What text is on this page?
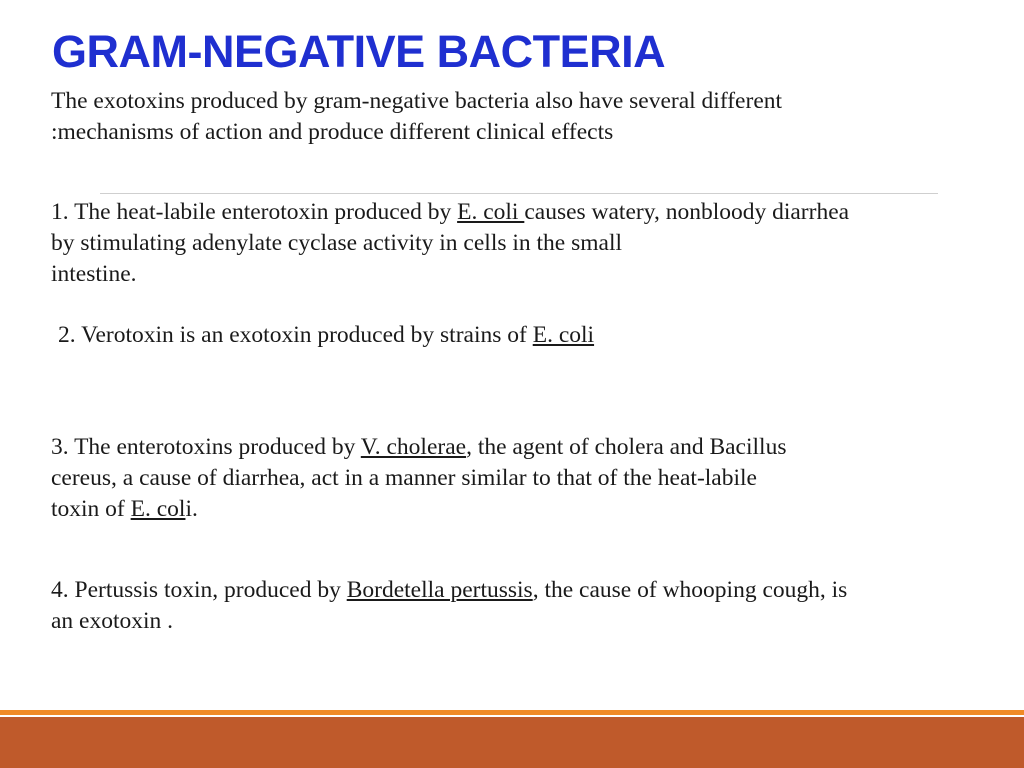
GRAM-NEGATIVE BACTERIA

The exotoxins produced by gram-negative bacteria also have several different
:mechanisms of action and produce different clinical effects

1. The heat-labile enterotoxin produced by E. coli causes watery, nonbloody diarrhea
by stimulating adenylate cyclase activity in cells in the small
intestine.

2. Verotoxin is an exotoxin produced by strains of E. coli

3. The enterotoxins produced by V. cholerae, the agent of cholera and Bacillus
cereus, a cause of diarrhea, act in a manner similar to that of the heat-labile
toxin of E. coli.

4. Pertussis toxin, produced by Bordetella pertussis, the cause of whooping cough, is
an exotoxin .
